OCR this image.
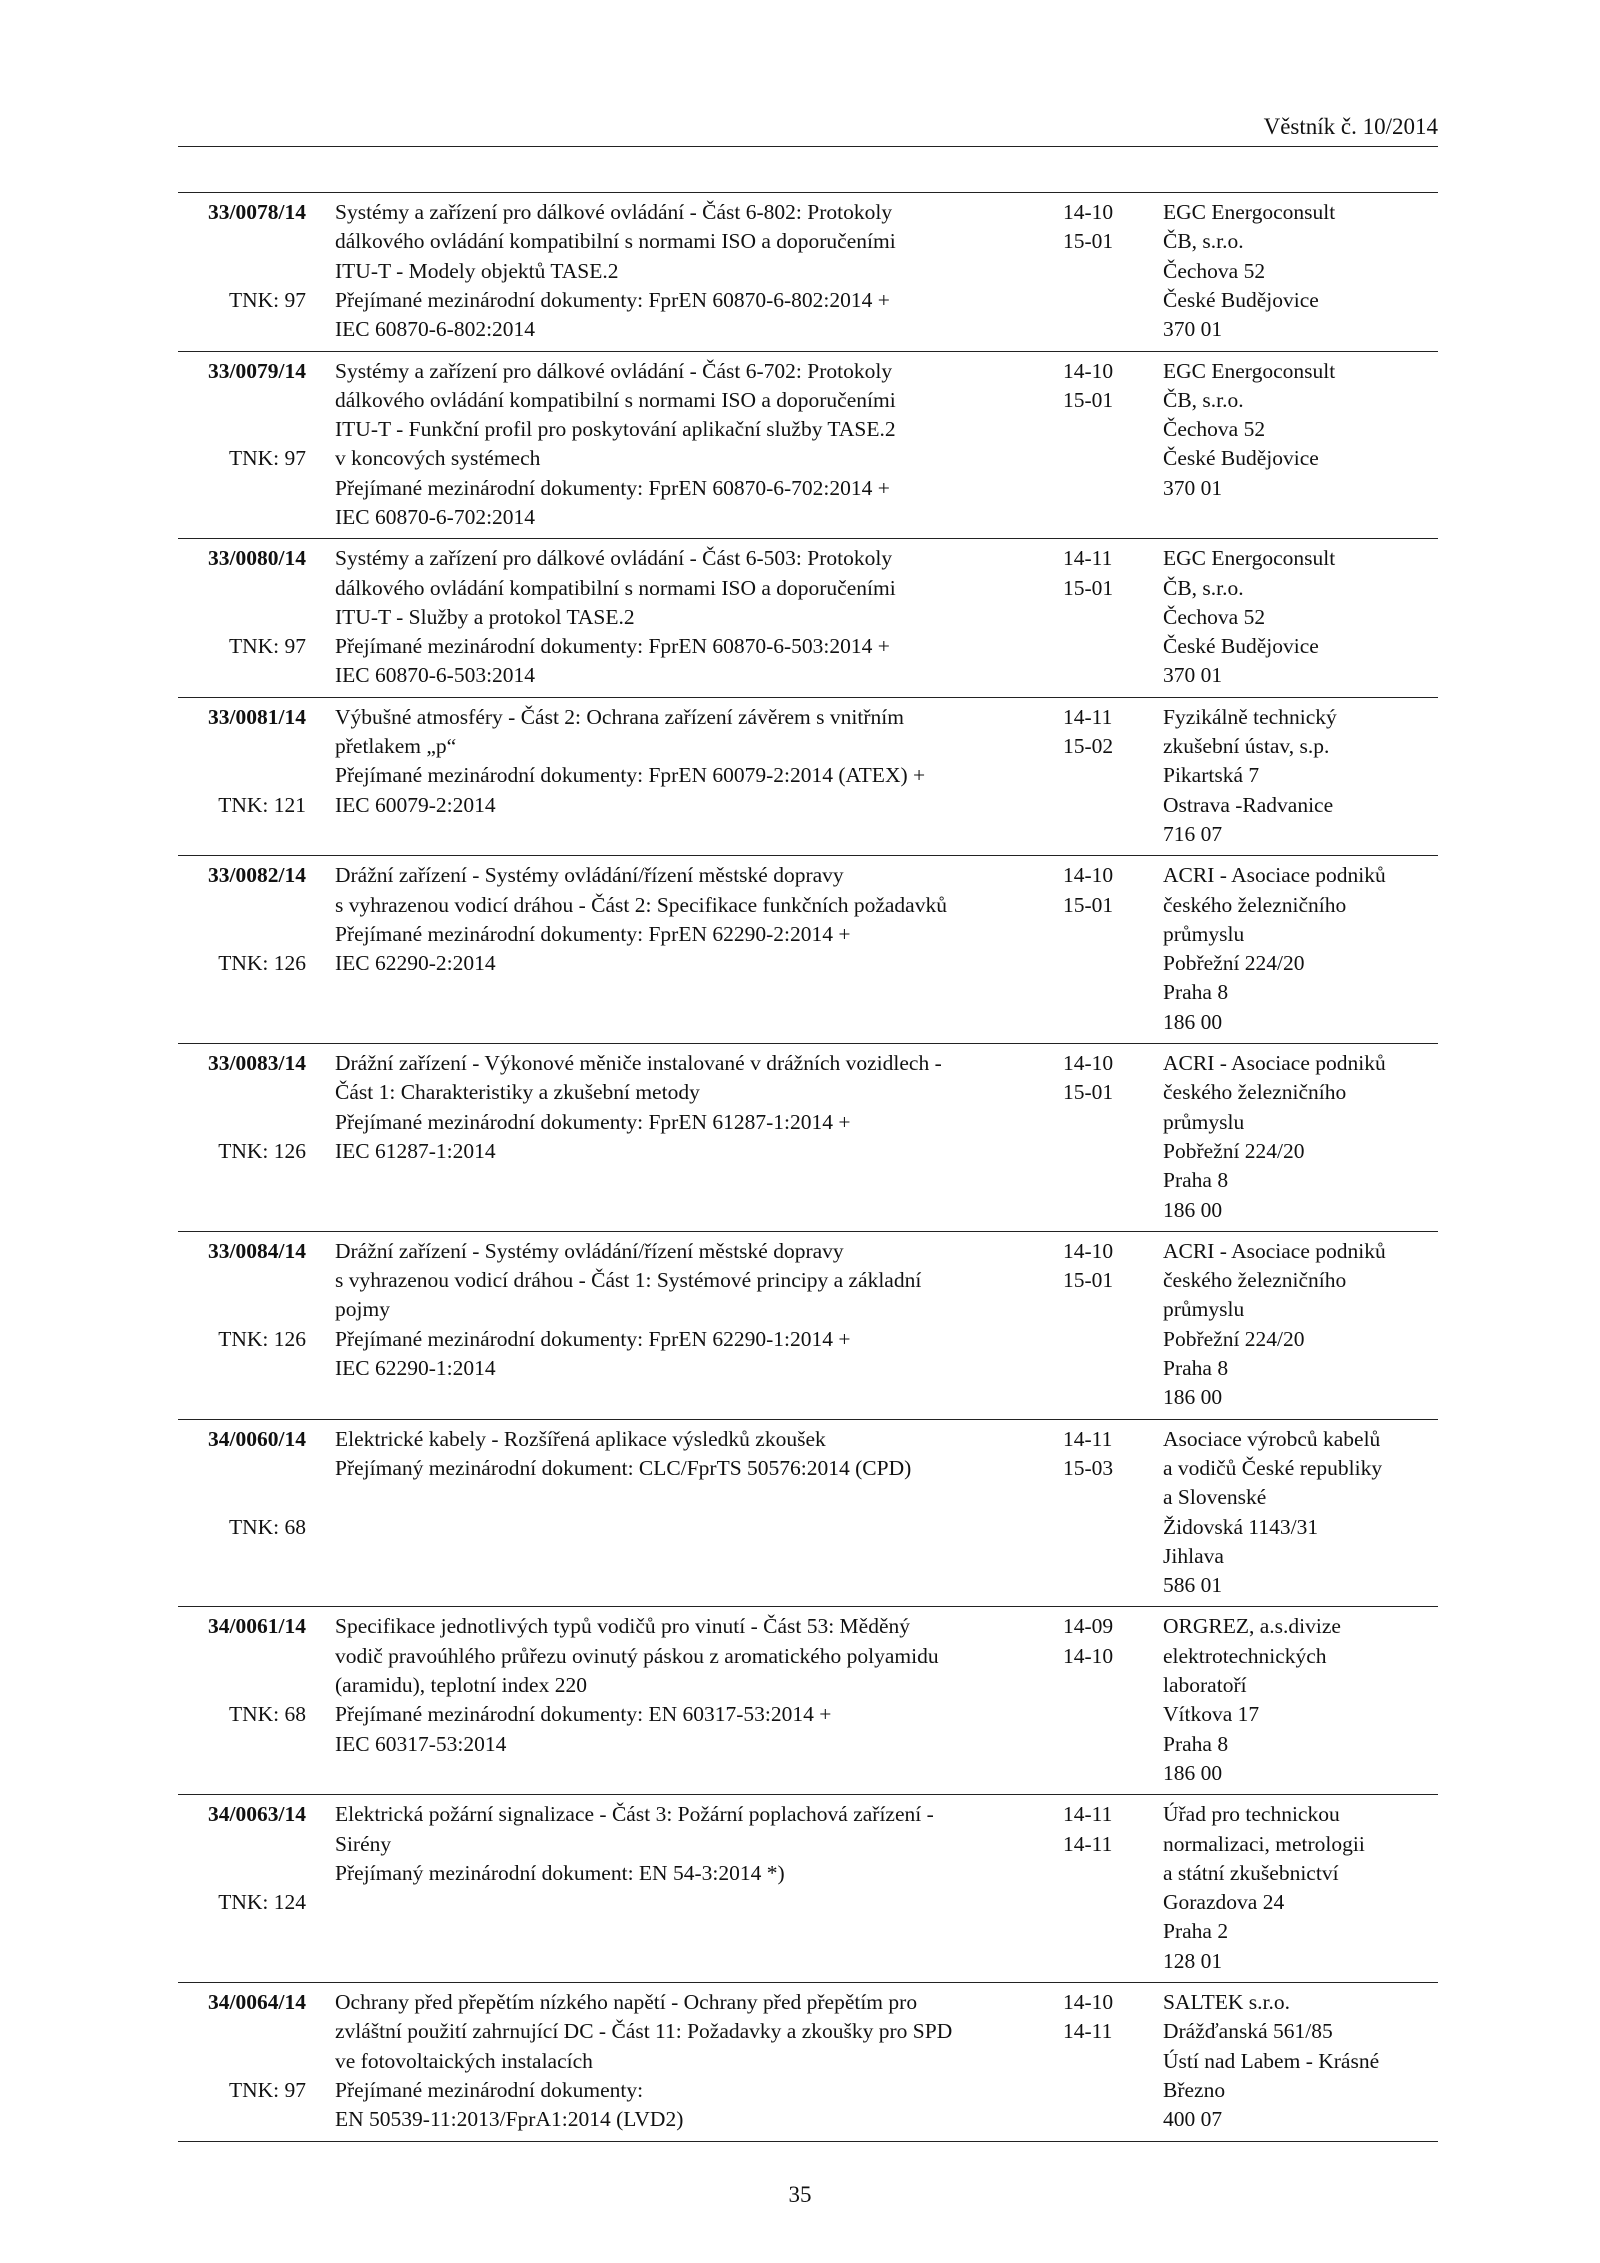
Věstník č. 10/2014
33/0078/14
TNK: 97
Systémy a zařízení pro dálkové ovládání - Část 6-802: Protokoly
dálkového ovládání kompatibilní s normami ISO a doporučeními
ITU-T - Modely objektů TASE.2
Přejímané mezinárodní dokumenty: FprEN 60870-6-802:2014 +
IEC 60870-6-802:2014
14-10
15-01
EGC Energoconsult
ČB, s.r.o.
Čechova 52
České Budějovice
370 01
33/0079/14
TNK: 97
Systémy a zařízení pro dálkové ovládání - Část 6-702: Protokoly
dálkového ovládání kompatibilní s normami ISO a doporučeními
ITU-T - Funkční profil pro poskytování aplikační služby TASE.2
v koncových systémech
Přejímané mezinárodní dokumenty: FprEN 60870-6-702:2014 +
IEC 60870-6-702:2014
14-10
15-01
EGC Energoconsult
ČB, s.r.o.
Čechova 52
České Budějovice
370 01
33/0080/14
TNK: 97
Systémy a zařízení pro dálkové ovládání - Část 6-503: Protokoly
dálkového ovládání kompatibilní s normami ISO a doporučeními
ITU-T - Služby a protokol TASE.2
Přejímané mezinárodní dokumenty: FprEN 60870-6-503:2014 +
IEC 60870-6-503:2014
14-11
15-01
EGC Energoconsult
ČB, s.r.o.
Čechova 52
České Budějovice
370 01
33/0081/14
TNK: 121
Výbušné atmosféry - Část 2: Ochrana zařízení závěrem s vnitřním
přetlakem „p“
Přejímané mezinárodní dokumenty: FprEN 60079-2:2014 (ATEX) +
IEC 60079-2:2014
14-11
15-02
Fyzikálně technický
zkušební ústav, s.p.
Pikartská 7
Ostrava -Radvanice
716 07
33/0082/14
TNK: 126
Drážní zařízení - Systémy ovládání/řízení městské dopravy
s vyhrazenou vodicí dráhou - Část 2: Specifikace funkčních požadavků
Přejímané mezinárodní dokumenty: FprEN 62290-2:2014 +
IEC 62290-2:2014
14-10
15-01
ACRI - Asociace podniků
českého železničního
průmyslu
Pobřežní 224/20
Praha 8
186 00
33/0083/14
TNK: 126
Drážní zařízení - Výkonové měniče instalované v drážních vozidlech -
Část 1: Charakteristiky a zkušební metody
Přejímané mezinárodní dokumenty: FprEN 61287-1:2014 +
IEC 61287-1:2014
14-10
15-01
ACRI - Asociace podniků
českého železničního
průmyslu
Pobřežní 224/20
Praha 8
186 00
33/0084/14
TNK: 126
Drážní zařízení - Systémy ovládání/řízení městské dopravy
s vyhrazenou vodicí dráhou - Část 1: Systémové principy a základní
pojmy
Přejímané mezinárodní dokumenty: FprEN 62290-1:2014 +
IEC 62290-1:2014
14-10
15-01
ACRI - Asociace podniků
českého železničního
průmyslu
Pobřežní 224/20
Praha 8
186 00
34/0060/14
TNK: 68
Elektrické kabely - Rozšířená aplikace výsledků zkoušek
Přejímaný mezinárodní dokument: CLC/FprTS 50576:2014 (CPD)
14-11
15-03
Asociace výrobců kabelů
a vodičů České republiky
a Slovenské
Židovská 1143/31
Jihlava
586 01
34/0061/14
TNK: 68
Specifikace jednotlivých typů vodičů pro vinutí - Část 53: Měděný
vodič pravoúhlého průřezu ovinutý páskou z aromatického polyamidu
(aramidu), teplotní index 220
Přejímané mezinárodní dokumenty: EN 60317-53:2014 +
IEC 60317-53:2014
14-09
14-10
ORGREZ, a.s.divize
elektrotechnických
laboratoří
Vítkova 17
Praha 8
186 00
34/0063/14
TNK: 124
Elektrická požární signalizace - Část 3: Požární poplachová zařízení -
Sirény
Přejímaný mezinárodní dokument: EN 54-3:2014 *)
14-11
14-11
Úřad pro technickou
normalizaci, metrologii
a státní zkušebnictví
Gorazdova 24
Praha 2
128 01
34/0064/14
TNK: 97
Ochrany před přepětím nízkého napětí - Ochrany před přepětím pro
zvláštní použití zahrnující DC - Část 11: Požadavky a zkoušky pro SPD
ve fotovoltaických instalacích
Přejímané mezinárodní dokumenty:
EN 50539-11:2013/FprA1:2014 (LVD2)
14-10
14-11
SALTEK s.r.o.
Drážďanská 561/85
Ústí nad Labem - Krásné
Březno
400 07
35
